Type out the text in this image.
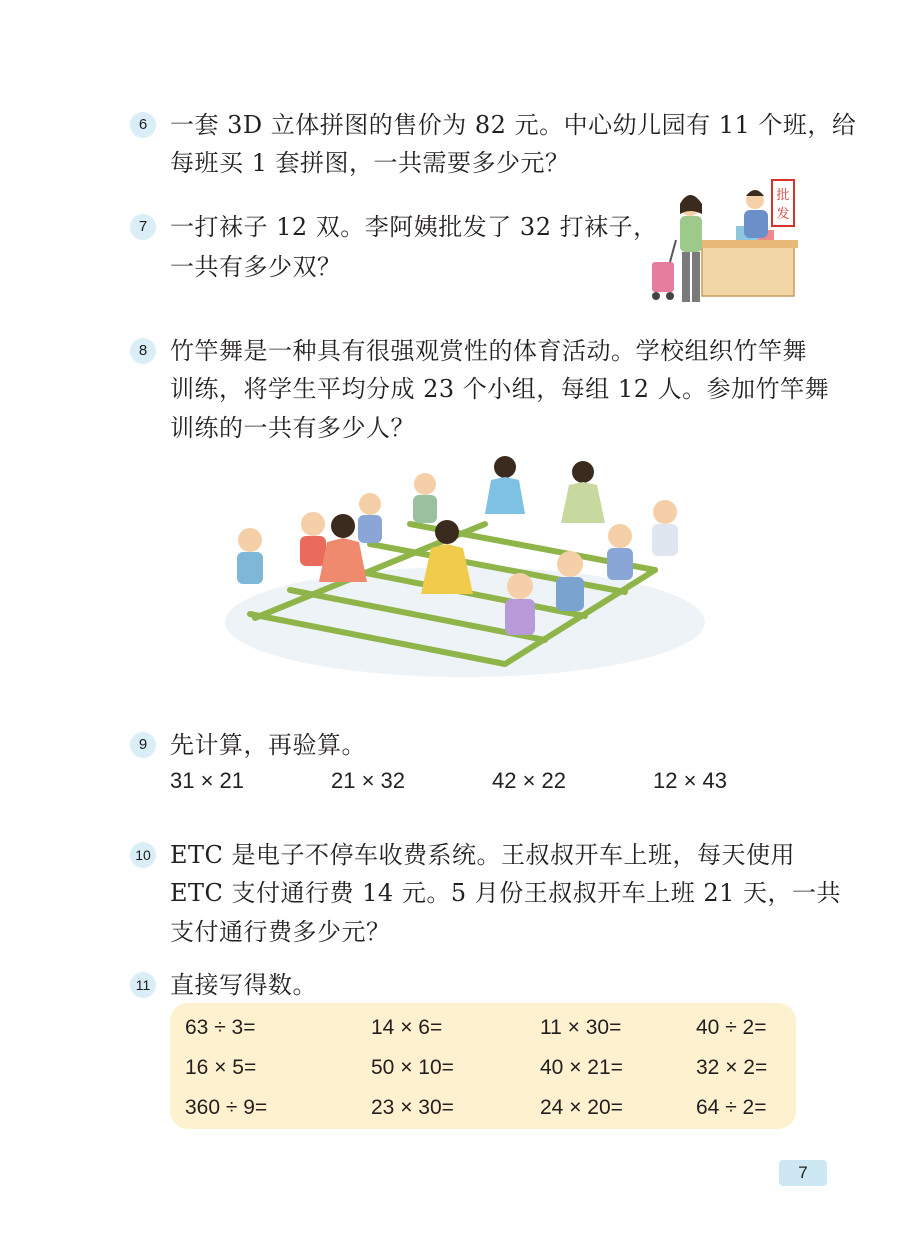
6 一套 3D 立体拼图的售价为 82 元。中心幼儿园有 11 个班，给
每班买 1 套拼图，一共需要多少元？
7 一打袜子 12 双。李阿姨批发了 32 打袜子，
一共有多少双？
批
发
8 竹竿舞是一种具有很强观赏性的体育活动。学校组织竹竿舞
训练，将学生平均分成 23 个小组，每组 12 人。参加竹竿舞
训练的一共有多少人？
9 先计算，再验算。
31 × 21	21 × 32	42 × 22	12 × 43
10 ETC 是电子不停车收费系统。王叔叔开车上班，每天使用
ETC 支付通行费 14 元。5 月份王叔叔开车上班 21 天，一共
支付通行费多少元？
11 直接写得数。
63 ÷ 3=	14 × 6=	11 × 30=	40 ÷ 2=
16 × 5=	50 × 10=	40 × 21=	32 × 2=
360 ÷ 9=	23 × 30=	24 × 20=	64 ÷ 2=
7
